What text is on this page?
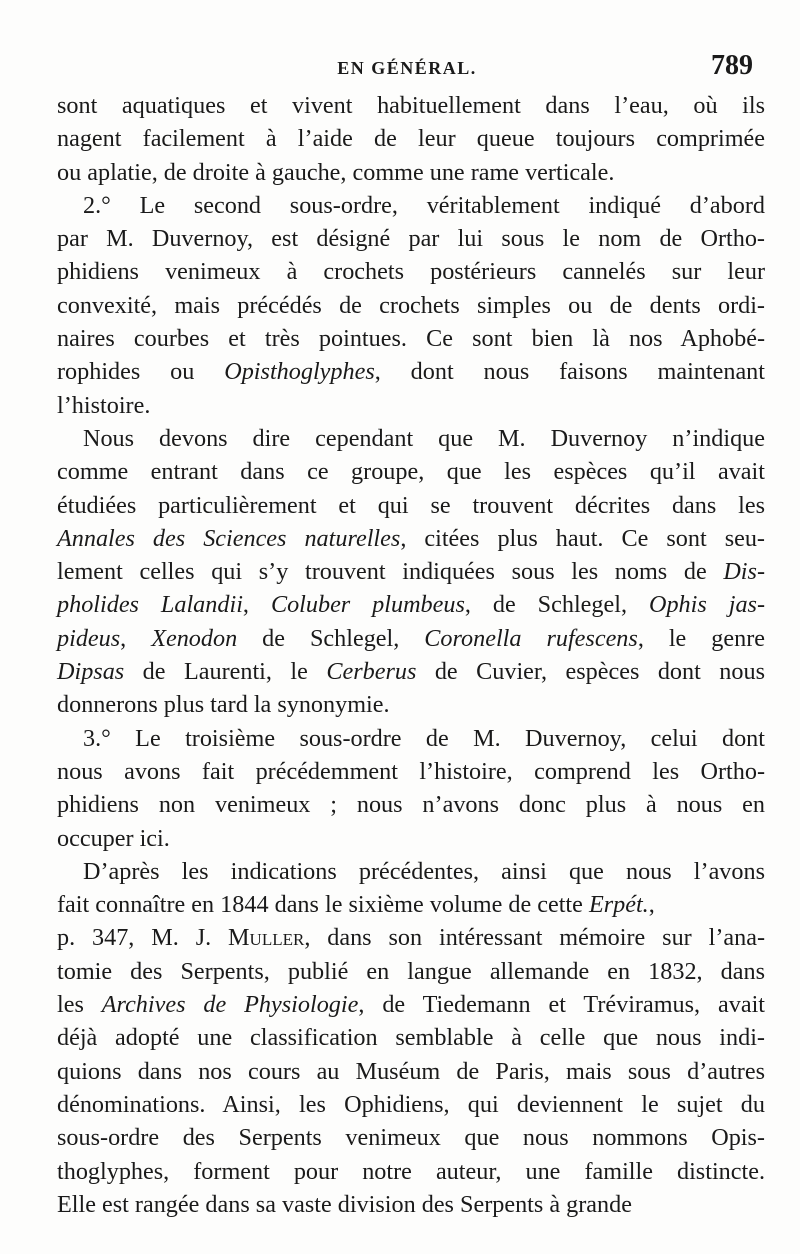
EN GÉNÉRAL.	789
sont aquatiques et vivent habituellement dans l’eau, où ils
nagent facilement à l’aide de leur queue toujours comprimée
ou aplatie, de droite à gauche, comme une rame verticale.
2.° Le second sous-ordre, véritablement indiqué d’abord
par M. Duvernoy, est désigné par lui sous le nom de Ortho-
phidiens venimeux à crochets postérieurs cannelés sur leur
convexité, mais précédés de crochets simples ou de dents ordi-
naires courbes et très pointues. Ce sont bien là nos Aphobé-
rophides ou Opisthoglyphes, dont nous faisons maintenant
l’histoire.
Nous devons dire cependant que M. Duvernoy n’indique
comme entrant dans ce groupe, que les espèces qu’il avait
étudiées particulièrement et qui se trouvent décrites dans les
Annales des Sciences naturelles, citées plus haut. Ce sont seu-
lement celles qui s’y trouvent indiquées sous les noms de Dis-
pholides Lalandii, Coluber plumbeus, de Schlegel, Ophis jas-
pideus, Xenodon de Schlegel, Coronella rufescens, le genre
Dipsas de Laurenti, le Cerberus de Cuvier, espèces dont nous
donnerons plus tard la synonymie.
3.° Le troisième sous-ordre de M. Duvernoy, celui dont
nous avons fait précédemment l’histoire, comprend les Ortho-
phidiens non venimeux ; nous n’avons donc plus à nous en
occuper ici.
D’après les indications précédentes, ainsi que nous l’avons
fait connaître en 1844 dans le sixième volume de cette Erpét.,
p. 347, M. J. Muller, dans son intéressant mémoire sur l’ana-
tomie des Serpents, publié en langue allemande en 1832, dans
les Archives de Physiologie, de Tiedemann et Tréviramus, avait
déjà adopté une classification semblable à celle que nous indi-
quions dans nos cours au Muséum de Paris, mais sous d’autres
dénominations. Ainsi, les Ophidiens, qui deviennent le sujet du
sous-ordre des Serpents venimeux que nous nommons Opis-
thoglyphes, forment pour notre auteur, une famille distincte.
Elle est rangée dans sa vaste division des Serpents à grande
